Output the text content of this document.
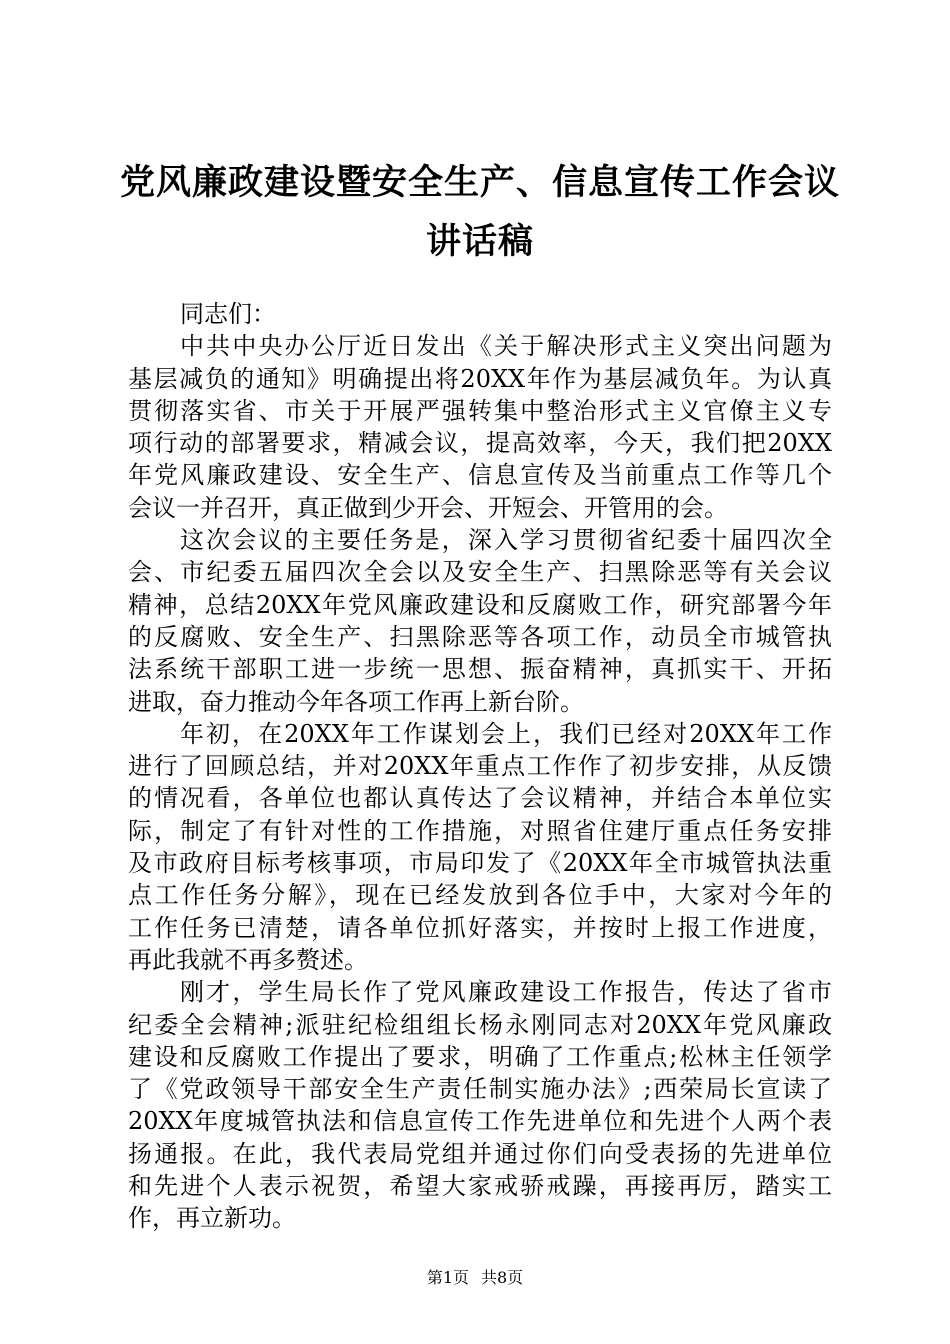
党风廉政建设暨安全生产、信息宣传工作会议
讲话稿
同志们：
中共中央办公厅近日发出《关于解决形式主义突出问题为
基层减负的通知》明确提出将20XX年作为基层减负年。为认真
贯彻落实省、市关于开展严强转集中整治形式主义官僚主义专
项行动的部署要求，精减会议，提高效率，今天，我们把20XX
年党风廉政建设、安全生产、信息宣传及当前重点工作等几个
会议一并召开，真正做到少开会、开短会、开管用的会。
这次会议的主要任务是，深入学习贯彻省纪委十届四次全
会、市纪委五届四次全会以及安全生产、扫黑除恶等有关会议
精神，总结20XX年党风廉政建设和反腐败工作，研究部署今年
的反腐败、安全生产、扫黑除恶等各项工作，动员全市城管执
法系统干部职工进一步统一思想、振奋精神，真抓实干、开拓
进取，奋力推动今年各项工作再上新台阶。
年初，在20XX年工作谋划会上，我们已经对20XX年工作
进行了回顾总结，并对20XX年重点工作作了初步安排，从反馈
的情况看，各单位也都认真传达了会议精神，并结合本单位实
际，制定了有针对性的工作措施，对照省住建厅重点任务安排
及市政府目标考核事项，市局印发了《20XX年全市城管执法重
点工作任务分解》，现在已经发放到各位手中，大家对今年的
工作任务已清楚，请各单位抓好落实，并按时上报工作进度，
再此我就不再多赘述。
刚才，学生局长作了党风廉政建设工作报告，传达了省市
纪委全会精神;派驻纪检组组长杨永刚同志对20XX年党风廉政
建设和反腐败工作提出了要求，明确了工作重点;松林主任领学
了《党政领导干部安全生产责任制实施办法》;西荣局长宣读了
20XX年度城管执法和信息宣传工作先进单位和先进个人两个表
扬通报。在此，我代表局党组并通过你们向受表扬的先进单位
和先进个人表示祝贺，希望大家戒骄戒躁，再接再厉，踏实工
作，再立新功。
第1页 共8页
